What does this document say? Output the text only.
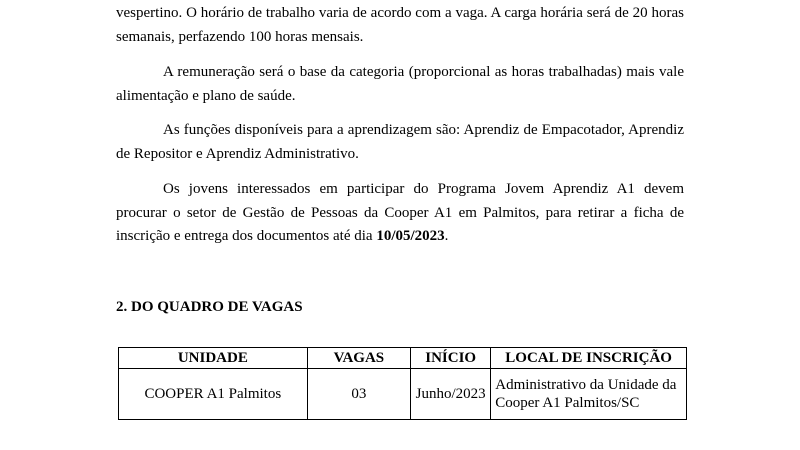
vespertino. O horário de trabalho varia de acordo com a vaga. A carga horária será de 20 horas semanais, perfazendo 100 horas mensais.

A remuneração será o base da categoria (proporcional as horas trabalhadas) mais vale alimentação e plano de saúde.

As funções disponíveis para a aprendizagem são: Aprendiz de Empacotador, Aprendiz de Repositor e Aprendiz Administrativo.

Os jovens interessados em participar do Programa Jovem Aprendiz A1 devem procurar o setor de Gestão de Pessoas da Cooper A1 em Palmitos, para retirar a ficha de inscrição e entrega dos documentos até dia 10/05/2023.

2. DO QUADRO DE VAGAS
UNIDADE	VAGAS	INÍCIO	LOCAL DE INSCRIÇÃO
COOPER A1 Palmitos	03	Junho/2023	Administrativo da Unidade da Cooper A1 Palmitos/SC
